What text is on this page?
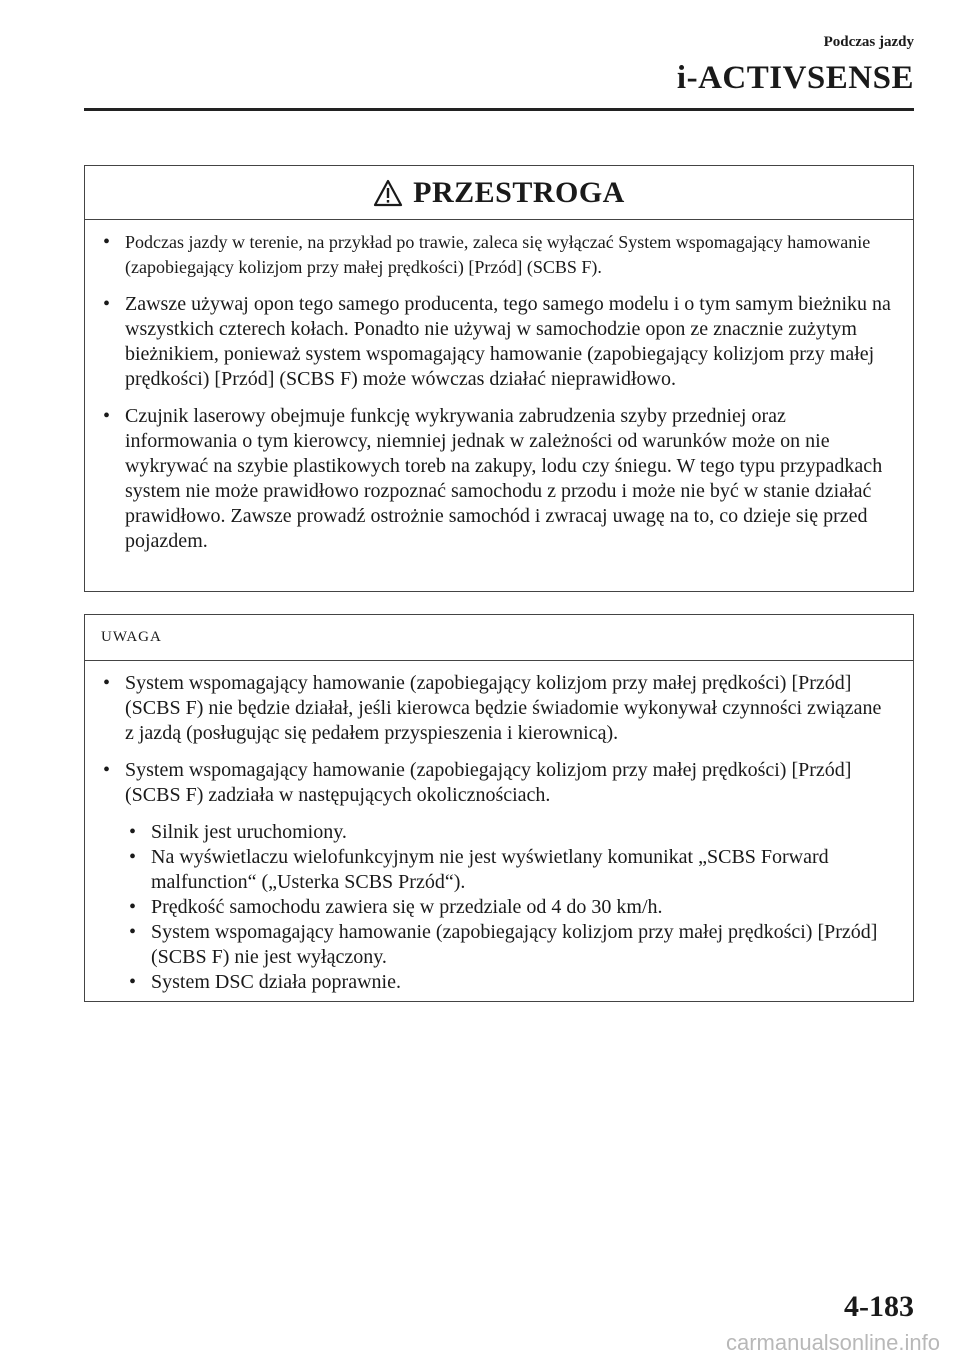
Podczas jazdy
i-ACTIVSENSE
PRZESTROGA
• Podczas jazdy w terenie, na przykład po trawie, zaleca się wyłączać System wspomagający hamowanie (zapobiegający kolizjom przy małej prędkości) [Przód] (SCBS F).
• Zawsze używaj opon tego samego producenta, tego samego modelu i o tym samym bieżniku na wszystkich czterech kołach. Ponadto nie używaj w samochodzie opon ze znacznie zużytym bieżnikiem, ponieważ system wspomagający hamowanie (zapobiegający kolizjom przy małej prędkości) [Przód] (SCBS F) może wówczas działać nieprawidłowo.
• Czujnik laserowy obejmuje funkcję wykrywania zabrudzenia szyby przedniej oraz informowania o tym kierowcy, niemniej jednak w zależności od warunków może on nie wykrywać na szybie plastikowych toreb na zakupy, lodu czy śniegu. W tego typu przypadkach system nie może prawidłowo rozpoznać samochodu z przodu i może nie być w stanie działać prawidłowo. Zawsze prowadź ostrożnie samochód i zwracaj uwagę na to, co dzieje się przed pojazdem.
UWAGA
• System wspomagający hamowanie (zapobiegający kolizjom przy małej prędkości) [Przód] (SCBS F) nie będzie działał, jeśli kierowca będzie świadomie wykonywał czynności związane z jazdą (posługując się pedałem przyspieszenia i kierownicą).
• System wspomagający hamowanie (zapobiegający kolizjom przy małej prędkości) [Przód] (SCBS F) zadziała w następujących okolicznościach.
• Silnik jest uruchomiony.
• Na wyświetlaczu wielofunkcyjnym nie jest wyświetlany komunikat „SCBS Forward malfunction“ („Usterka SCBS Przód“).
• Prędkość samochodu zawiera się w przedziale od 4 do 30 km/h.
• System wspomagający hamowanie (zapobiegający kolizjom przy małej prędkości) [Przód] (SCBS F) nie jest wyłączony.
• System DSC działa poprawnie.
4-183
carmanualsonline.info
